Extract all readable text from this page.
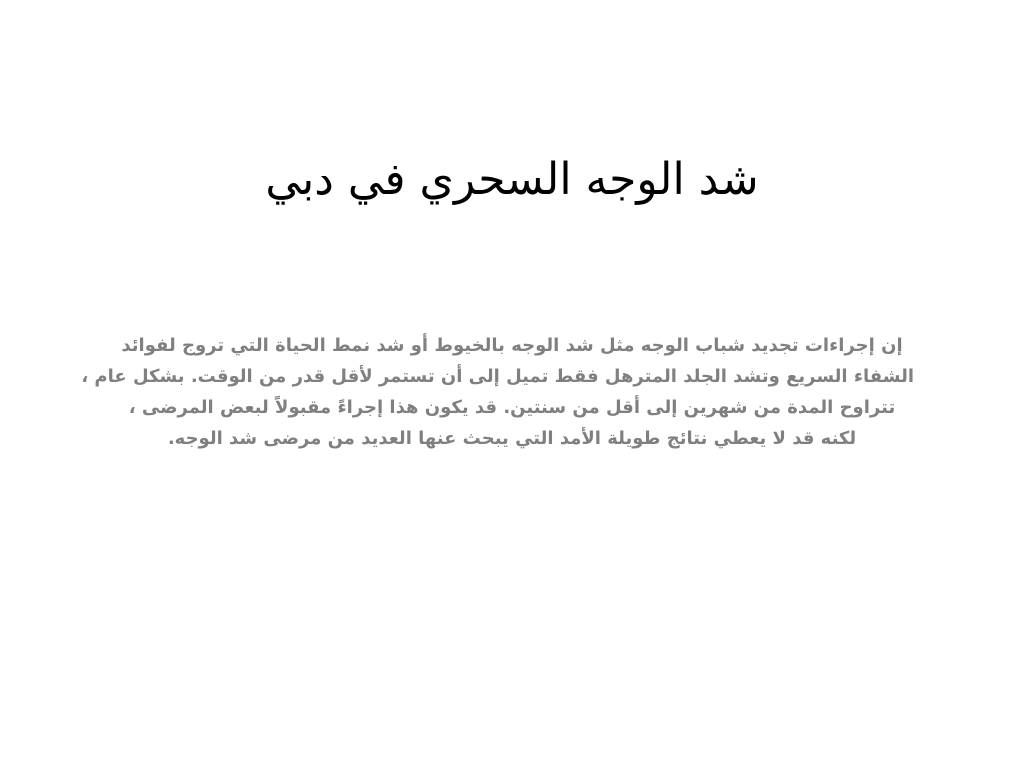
شد الوجه السحري في دبي
إن إجراءات تجديد شباب الوجه مثل شد الوجه بالخيوط أو شد نمط الحياة التي تروج لفوائد
الشفاء السريع وتشد الجلد المترهل فقط تميل إلى أن تستمر لأقل قدر من الوقت. بشكل عام ،
تتراوح المدة من شهرين إلى أقل من سنتين. قد يكون هذا إجراءً مقبولاً لبعض المرضى ،
لكنه قد لا يعطي نتائج طويلة الأمد التي يبحث عنها العديد من مرضى شد الوجه.
